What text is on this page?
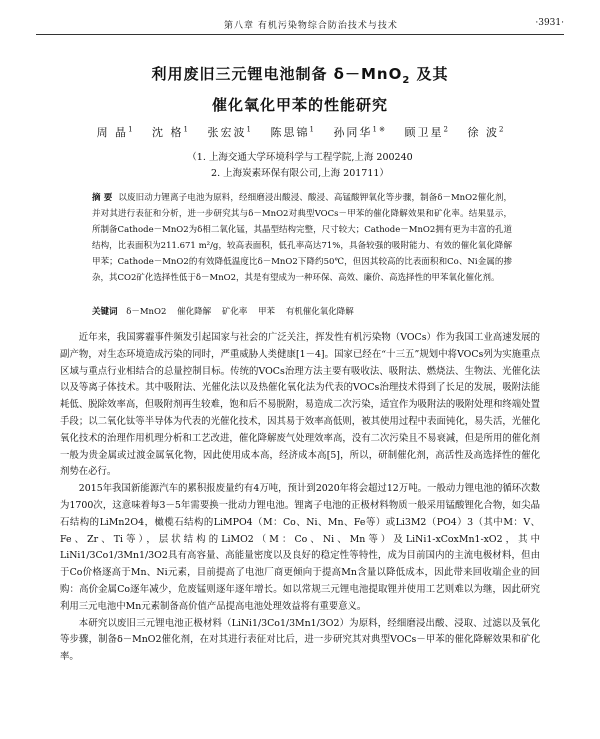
第八章 有机污染物综合防治技术与技术	·3931·
利用废旧三元锂电池制备 δ－MnO$_2$ 及其
催化氧化甲苯的性能研究
周 晶$^1$ 沈 格$^1$ 张宏波$^1$ 陈思锦$^1$ 孙同华$^{1 ※}$ 顾卫星$^2$ 徐 波$^2$
（1. 上海交通大学环境科学与工程学院,上海 200240
2. 上海炭素环保有限公司,上海 201711）
摘 要 以废旧动力锂离子电池为原料，经细磨浸出酸浸、酸浸、高锰酸钾氧化等步骤，制备δ－MnO2催化剂，并对其进行表征和分析，进一步研究其与δ－MnO2对典型VOCs－甲苯的催化降解效果和矿化率。结果显示，所制备Cathode－MnO2为δ相二氧化锰，其晶型结构完整，尺寸较大；Cathode－MnO2拥有更为丰富的孔道结构，比表面积为211.671 m²/g，较高表面积，低孔率高达71%，具备较强的吸附能力、有效的催化氧化降解甲苯；Cathode－MnO2的有效降低温度比δ－MnO2下降约50℃，但因其较高的比表面积和Co、Ni金属的掺杂，其CO2矿化选择性低于δ－MnO2，其是有望成为一种环保、高效、廉价、高选择性的甲苯氧化催化剂。
关键词 δ－MnO2 催化降解 矿化率 甲苯 有机催化氧化降解

近年来，我国雾霾事件频发引起国家与社会的广泛关注，挥发性有机污染物（VOCs）作为我国工业高速发展的副产物，对生态环境造成污染的同时，严重威胁人类健康[1－4]。国家已经在“十三五”规划中将VOCs列为实施重点区域与重点行业相结合的总量控制目标。传统的VOCs治理方法主要有吸收法、吸附法、燃烧法、生物法、光催化法以及等离子体技术。其中吸附法、光催化法以及热催化氧化法为代表的VOCs治理技术得到了长足的发展，吸附法能耗低、脱除效率高，但吸附剂再生较难，饱和后不易脱附，易造成二次污染，适宜作为吸附法的吸附处理和终端处置手段；以二氧化钛等半导体为代表的光催化技术，因其易于效率高低则，被其使用过程中表面钝化，易失活，光催化氧化技术的治理作用机理分析和工艺改进，催化降解废气处理效率高，没有二次污染且不易衰减，但是所用的催化剂一般为贵金属或过渡金属氧化物，因此使用成本高，经济成本高[5]，所以，研制催化剂，高活性及高选择性的催化剂势在必行。

2015年我国新能源汽车的累积报废量约有4万吨，预计到2020年将会超过12万吨。一般动力锂电池的循环次数为1700次，这意味着每3－5年需要换一批动力锂电池。锂离子电池的正极材料物质一般采用锰酸锂化合物，如尖晶石结构的LiMn2O4，橄榄石结构的LiMPO4（M：Co、Ni、Mn、Fe等）或Li3M2（PO4）3（其中M：V、Fe、Zr、Ti等），层状结构的LiMO2（M：Co、Ni、Mn等）及LiNi1-xCoxMn1-xO2，其中LiNi1/3Co1/3Mn1/3O2具有高容量、高能量密度以及良好的稳定性等特性，成为目前国内的主流电极材料，但由于Co价格逐高于Mn、Ni元素，目前提高了电池厂商更倾向于提高Mn含量以降低成本，因此带来回收端企业的回购：高价金属Co逐年减少，危废锰则逐年逐年增长。如以常规三元锂电池提取锂并使用工艺则难以为继，因此研究利用三元电池中Mn元素制备高价值产品提高电池处理效益将有重要意义。

本研究以废旧三元锂电池正极材料（LiNi1/3Co1/3Mn1/3O2）为原料，经细磨浸出酸、浸取、过滤以及氧化等步骤，制备δ－MnO2催化剂，在对其进行表征对比后，进一步研究其对典型VOCs－甲苯的催化降解效果和矿化率。
